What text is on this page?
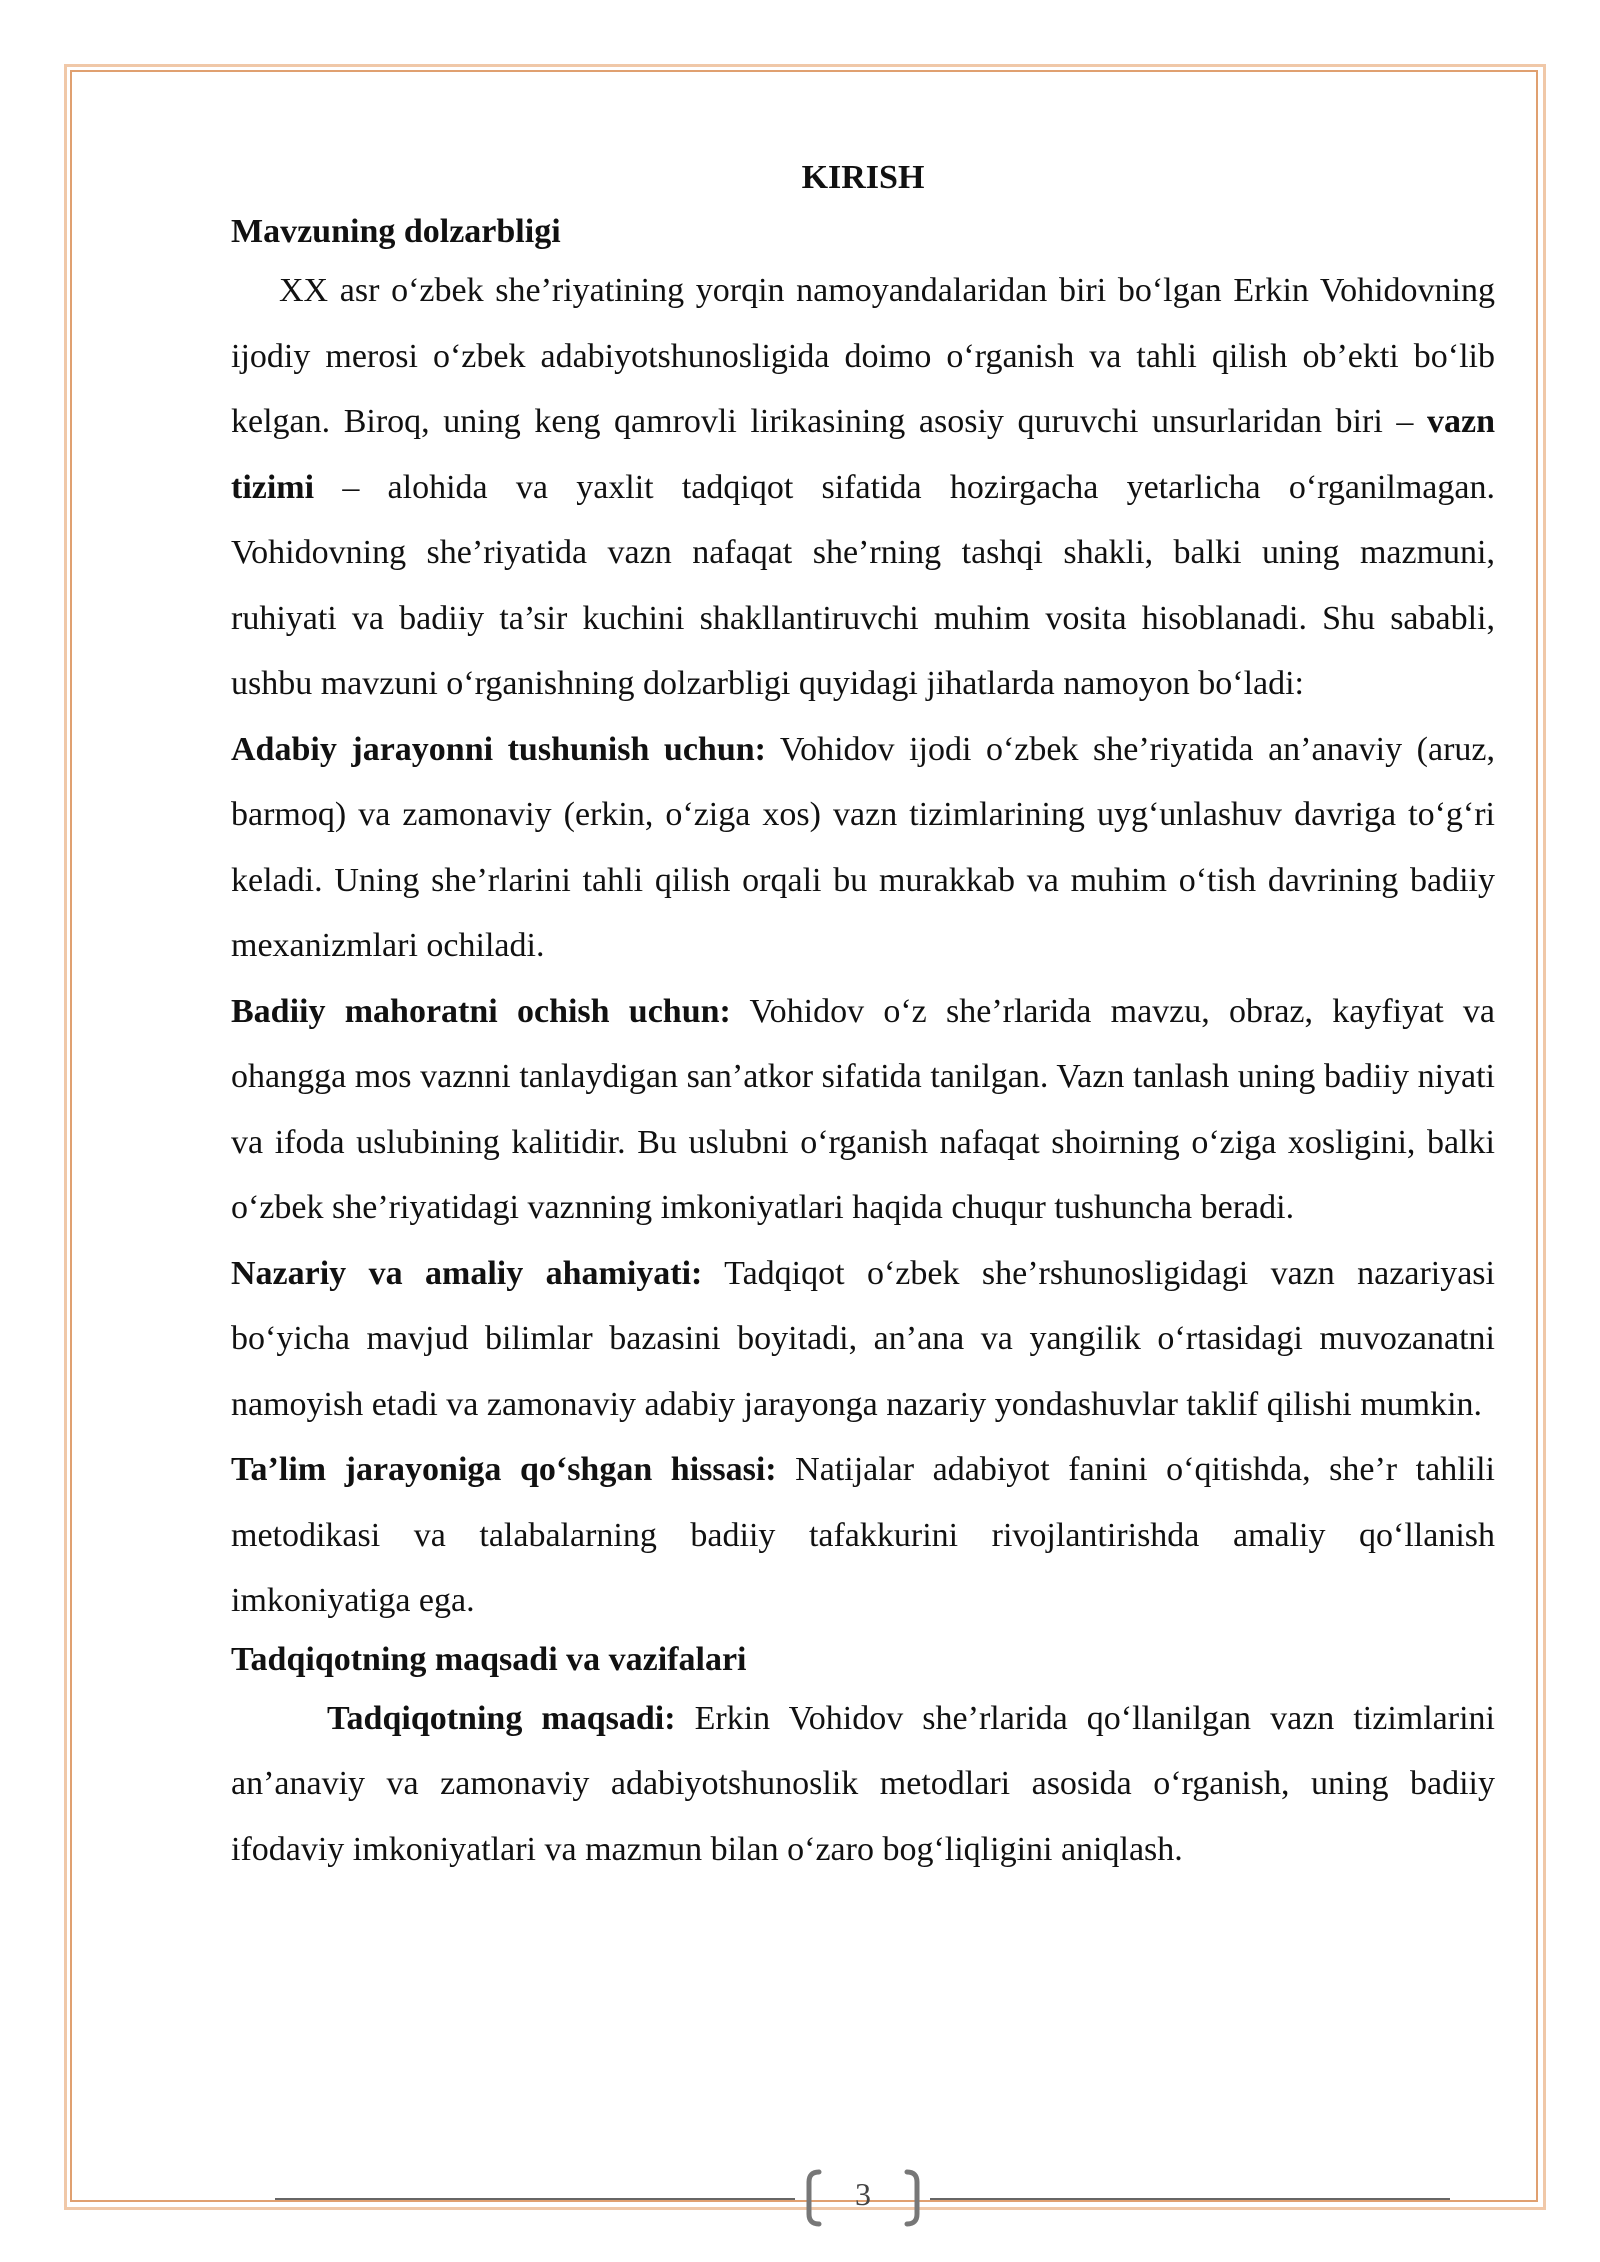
KIRISH
Mavzuning dolzarbligi

XX asr o‘zbek she’riyatining yorqin namoyandalaridan biri bo‘lgan Erkin Vohidovning ijodiy merosi o‘zbek adabiyotshunosligida doimo o‘rganish va tahli qilish ob’ekti bo‘lib kelgan. Biroq, uning keng qamrovli lirikasining asosiy quruvchi unsurlaridan biri – vazn tizimi – alohida va yaxlit tadqiqot sifatida hozirgacha yetarlicha o‘rganilmagan. Vohidovning she’riyatida vazn nafaqat she’rning tashqi shakli, balki uning mazmuni, ruhiyati va badiiy ta’sir kuchini shakllantiruvchi muhim vosita hisoblanadi. Shu sababli, ushbu mavzuni o‘rganishning dolzarbligi quyidagi jihatlarda namoyon bo‘ladi:

Adabiy jarayonni tushunish uchun: Vohidov ijodi o‘zbek she’riyatida an’anaviy (aruz, barmoq) va zamonaviy (erkin, o‘ziga xos) vazn tizimlarining uyg‘unlashuv davriga to‘g‘ri keladi. Uning she’rlarini tahli qilish orqali bu murakkab va muhim o‘tish davrining badiiy mexanizmlari ochiladi.

Badiiy mahoratni ochish uchun: Vohidov o‘z she’rlarida mavzu, obraz, kayfiyat va ohangga mos vaznni tanlaydigan san’atkor sifatida tanilgan. Vazn tanlash uning badiiy niyati va ifoda uslubining kalitidir. Bu uslubni o‘rganish nafaqat shoirning o‘ziga xosligini, balki o‘zbek she’riyatidagi vaznning imkoniyatlari haqida chuqur tushuncha beradi.

Nazariy va amaliy ahamiyati: Tadqiqot o‘zbek she’rshunosligidagi vazn nazariyasi bo‘yicha mavjud bilimlar bazasini boyitadi, an’ana va yangilik o‘rtasidagi muvozanatni namoyish etadi va zamonaviy adabiy jarayonga nazariy yondashuvlar taklif qilishi mumkin.

Ta’lim jarayoniga qo‘shgan hissasi: Natijalar adabiyot fanini o‘qitishda, she’r tahlili metodikasi va talabalarning badiiy tafakkurini rivojlantirishda amaliy qo‘llanish imkoniyatiga ega.

Tadqiqotning maqsadi va vazifalari

Tadqiqotning maqsadi: Erkin Vohidov she’rlarida qo‘llanilgan vazn tizimlarini an’anaviy va zamonaviy adabiyotshunoslik metodlari asosida o‘rganish, uning badiiy ifodaviy imkoniyatlari va mazmun bilan o‘zaro bog‘liqligini aniqlash.

3
